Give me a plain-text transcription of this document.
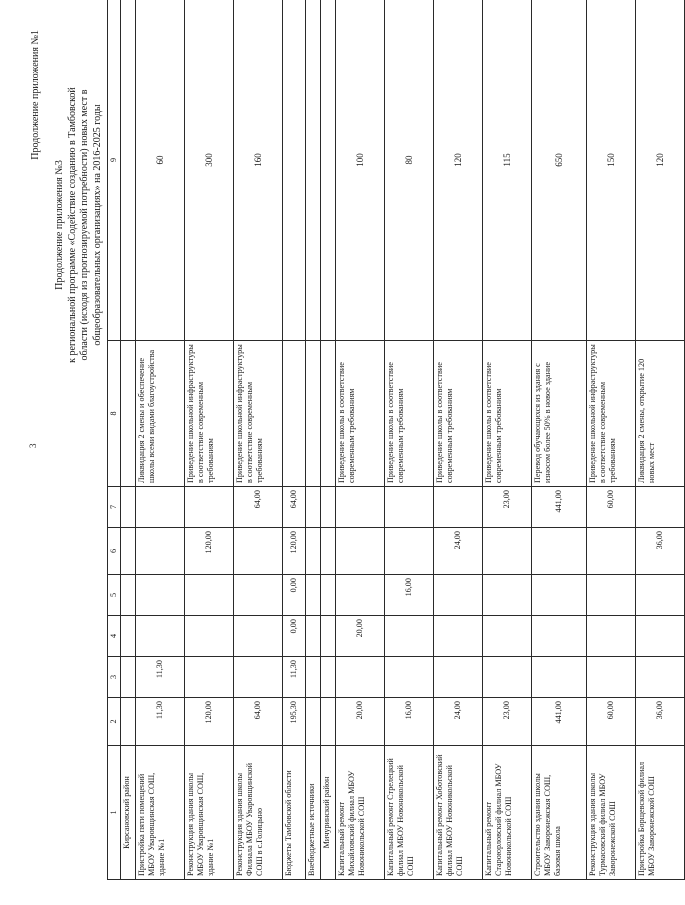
3
Продолжение приложения №1
Продолжение приложения №3 к региональной программе «Содействие созданию в Тамбовской области (исходя из прогнозируемой потребности) новых мест в общеобразовательных организациях» на 2016-2025 годы
1	2	3	4	5	6	7	8	9
Кирсановский район								
Пристройка пяти помещений МБОУ Уваровщинская СОШ, здание №1	11,30	11,30					Ликвидация 2 смены и обеспечение школы всеми видами благоустройства	60
Реконструкция здания школы МБОУ Уваровщинская СОШ, здание №1	120,00				120,00		Приведение школьной инфраструктуры в соответствие современным требованиям	300
Реконструкция здания школы Филиала МБОУ Уваровщинской СОШ в с.Голицыно	64,00					64,00	Приведение школьной инфраструктуры в соответствие современным требованиям	160
Бюджеты Тамбовской области	195,30	11,30	0,00	0,00	120,00	64,00		
Внебюджетные источники								
Мичуринский район								
Капитальный ремонт Михайловский филиал МБОУ Новоникольской СОШ	20,00		20,00				Приведение школы в соответствие современным требованиям	100
Капитальный ремонт Стрелецкий филиал МБОУ Новоникольской СОШ	16,00			16,00			Приведение школы в соответствие современным требованиям	80
Капитальный ремонт Хоботовский филиал МБОУ Новоникольской СОШ	24,00				24,00		Приведение школы в соответствие современным требованиям	120
Капитальный ремонт Староюрловский филиал МБОУ Новоникольской СОШ	23,00					23,00	Приведение школы в соответствие современным требованиям	115
Строительство здания школы МБОУ Заворонежская СОШ, базовая школа	441,00					441,00	Перевод обучающихся из здания с износом более 50% в новое здание	650
Реконструкция здания школы Турмасовский филиал МБОУ Заворонежской СОШ	60,00					60,00	Приведение школьной инфраструктуры в соответствие современным требованиям	150
Пристройка Борщевской филиал МБОУ Заворонежской СОШ	36,00				36,00		Ликвидация 2 смены, открытие 120 новых мест	120
